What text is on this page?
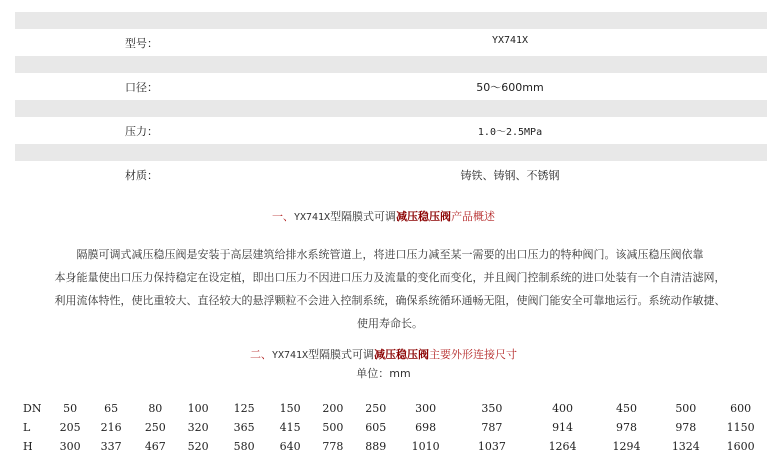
型号：	YX741X
口径：	50～600mm
压力：	1.0～2.5MPa
材质：	铸铁、铸钢、不锈钢
一、YX741X型隔膜式可调减压稳压阀产品概述
隔膜可调式减压稳压阀是安装于高层建筑给排水系统管道上，将进口压力减至某一需要的出口压力的特种阀门。该减压稳压阀依靠
本身能量使出口压力保持稳定在设定植，即出口压力不因进口压力及流量的变化而变化，并且阀门控制系统的进口处装有一个自清洁滤网，
利用流体特性，使比重较大、直径较大的悬浮颗粒不会进入控制系统，确保系统循环通畅无阻，使阀门能安全可靠地运行。系统动作敏捷、
使用寿命长。
二、YX741X型隔膜式可调减压稳压阀主要外形连接尺寸
单位：mm
DN	50	65	80	100	125	150	200	250	300	350	400	450	500	600
L	205	216	250	320	365	415	500	605	698	787	914	978	978	1150
H	300	337	467	520	580	640	778	889	1010	1037	1264	1294	1324	1600
